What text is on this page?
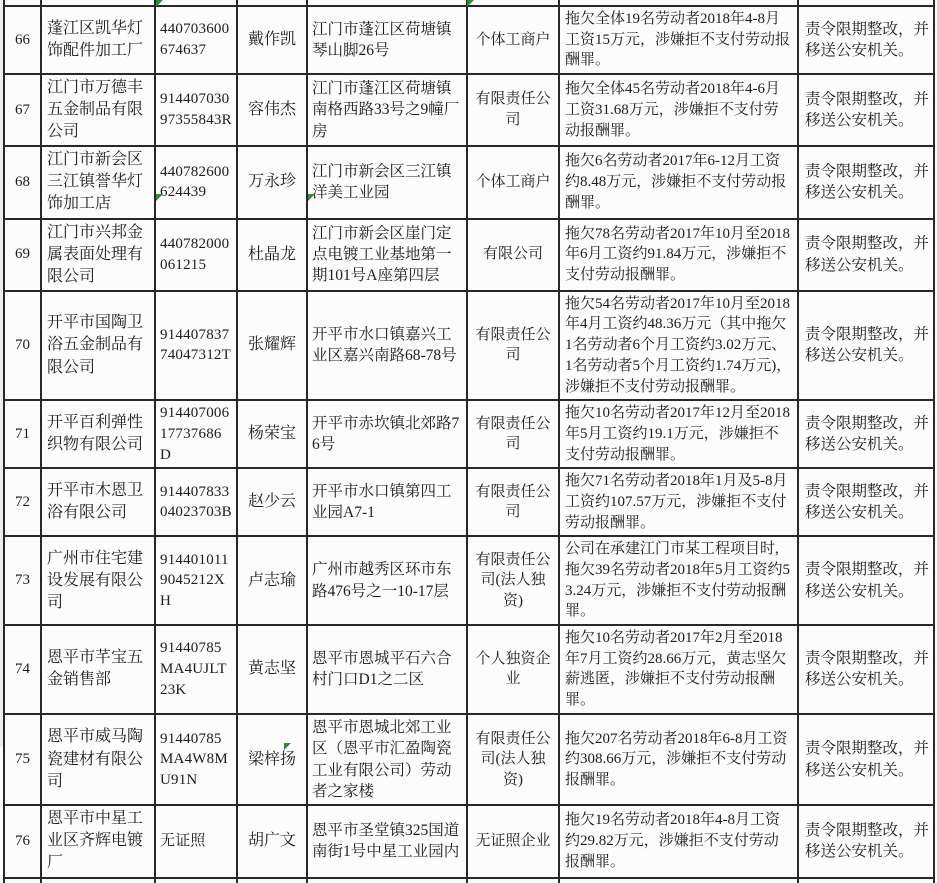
66	蓬江区凯华灯饰配件加工厂	440703600674637	戴作凯	江门市蓬江区荷塘镇琴山脚26号	个体工商户	拖欠全体19名劳动者2018年4-8月工资15万元，涉嫌拒不支付劳动报酬罪。	责令限期整改，并移送公安机关。
67	江门市万德丰五金制品有限公司	91440703097355843R	容伟杰	江门市蓬江区荷塘镇南格西路33号之9幢厂房	有限责任公司	拖欠全体45名劳动者2018年4-6月工资31.68万元，涉嫌拒不支付劳动报酬罪。	责令限期整改，并移送公安机关。
68	江门市新会区三江镇誉华灯饰加工店	440782600624439	万永珍	江门市新会区三江镇洋美工业园	个体工商户	拖欠6名劳动者2017年6-12月工资约8.48万元，涉嫌拒不支付劳动报酬罪。	责令限期整改，并移送公安机关。
69	江门市兴邦金属表面处理有限公司	440782000061215	杜晶龙	江门市新会区崖门定点电镀工业基地第一期101号A座第四层	有限公司	拖欠78名劳动者2017年10月至2018年6月工资约91.84万元，涉嫌拒不支付劳动报酬罪。	责令限期整改，并移送公安机关。
70	开平市国陶卫浴五金制品有限公司	91440783774047312T	张耀辉	开平市水口镇嘉兴工业区嘉兴南路68-78号	有限责任公司	拖欠54名劳动者2017年10月至2018年4月工资约48.36万元（其中拖欠1名劳动者6个月工资约3.02万元、1名劳动者5个月工资约1.74万元)，涉嫌拒不支付劳动报酬罪。	责令限期整改，并移送公安机关。
71	开平百利弹性织物有限公司	91440700617737686D	杨荣宝	开平市赤坎镇北郊路76号	有限责任公司	拖欠10名劳动者2017年12月至2018年5月工资约19.1万元，涉嫌拒不支付劳动报酬罪。	责令限期整改，并移送公安机关。
72	开平市木恩卫浴有限公司	91440783304023703B	赵少云	开平市水口镇第四工业园A7-1	有限责任公司	拖欠71名劳动者2018年1月及5-8月工资约107.57万元，涉嫌拒不支付劳动报酬罪。	责令限期整改，并移送公安机关。
73	广州市住宅建设发展有限公司	9144010119045212XH	卢志瑜	广州市越秀区环市东路476号之一10-17层	有限责任公司(法人独资)	公司在承建江门市某工程项目时,拖欠39名劳动者2018年5月工资约53.24万元，涉嫌拒不支付劳动报酬罪。	责令限期整改，并移送公安机关。
74	恩平市芊宝五金销售部	91440785MA4UJLT23K	黄志坚	恩平市恩城平石六合村门口D1之二区	个人独资企业	拖欠10名劳动者2017年2月至2018年7月工资约28.66万元，黄志坚欠薪逃匿，涉嫌拒不支付劳动报酬罪。	责令限期整改，并移送公安机关。
75	恩平市威马陶瓷建材有限公司	91440785MA4W8MU91N	梁梓扬	恩平市恩城北郊工业区（恩平市汇盈陶瓷工业有限公司）劳动者之家楼	有限责任公司(法人独资)	拖欠207名劳动者2018年6-8月工资约308.66万元，涉嫌拒不支付劳动报酬罪。	责令限期整改，并移送公安机关。
76	恩平市中星工业区齐辉电镀厂	无证照	胡广文	恩平市圣堂镇325国道南街1号中星工业园内	无证照企业	拖欠19名劳动者2018年4-8月工资约29.82万元，涉嫌拒不支付劳动报酬罪。	责令限期整改，并移送公安机关。
